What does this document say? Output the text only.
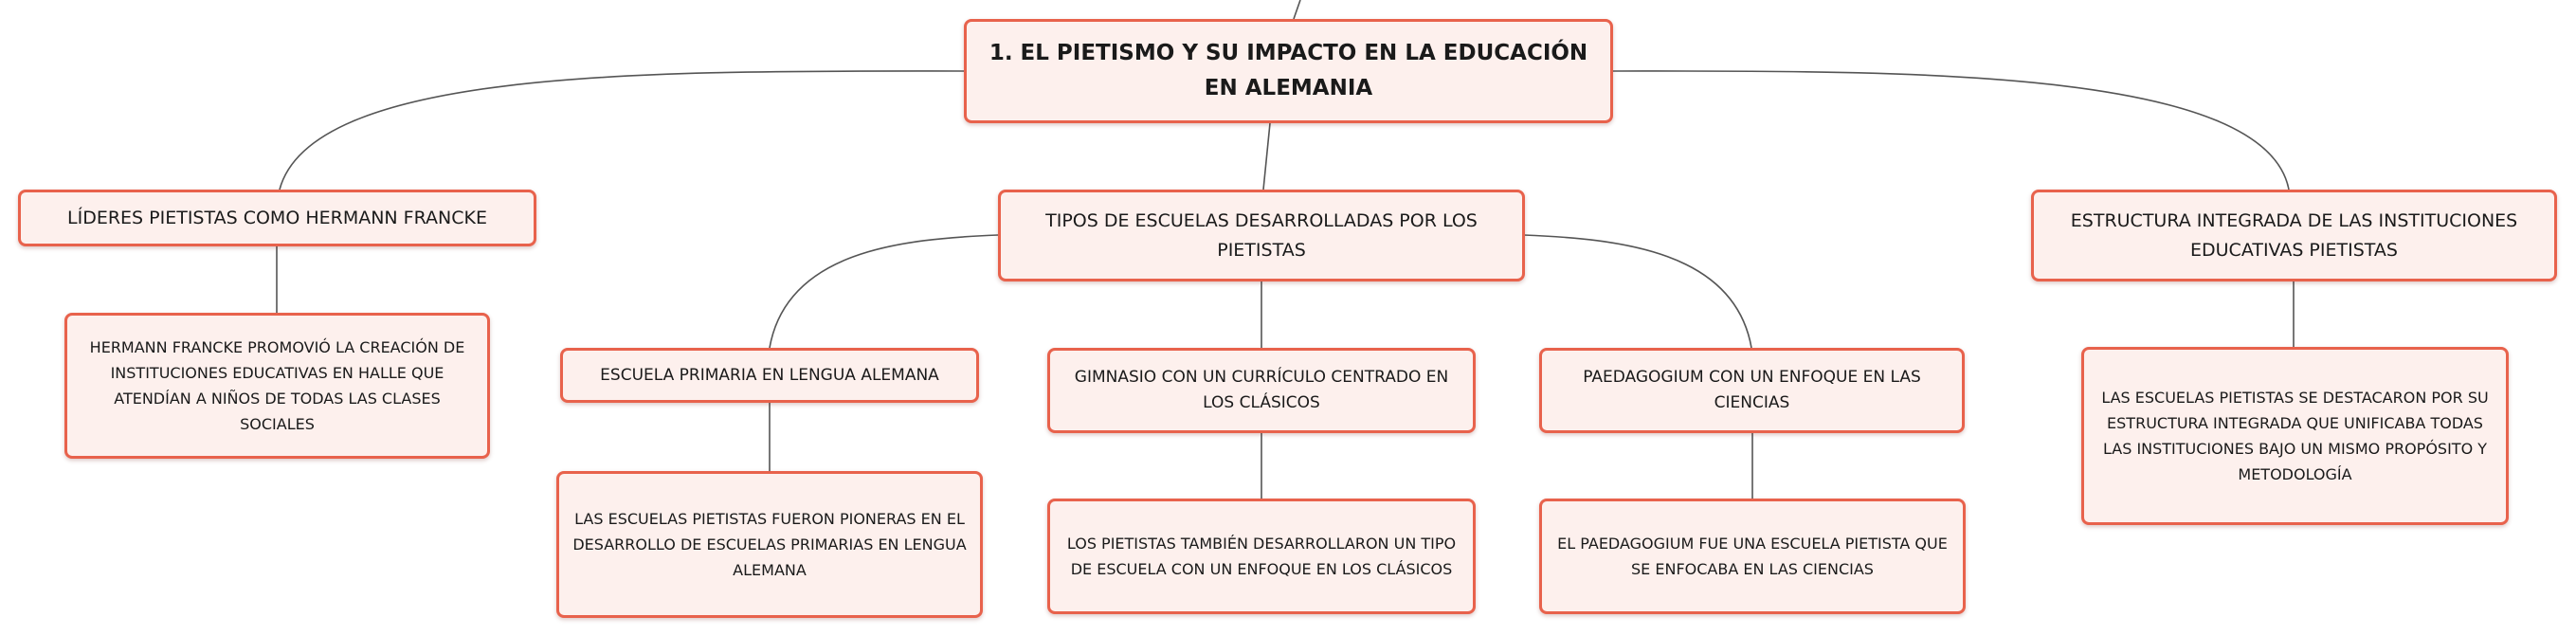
1. EL PIETISMO Y SU IMPACTO EN LA EDUCACIÓN EN ALEMANIA
LÍDERES PIETISTAS COMO HERMANN FRANCKE	TIPOS DE ESCUELAS DESARROLLADAS POR LOS PIETISTAS
ESTRUCTURA INTEGRADA DE LAS INSTITUCIONES EDUCATIVAS PIETISTAS
HERMANN FRANCKE PROMOVIÓ LA CREACIÓN DE INSTITUCIONES EDUCATIVAS EN HALLE QUE ATENDÍAN A NIÑOS DE TODAS LAS CLASES SOCIALES
ESCUELA PRIMARIA EN LENGUA ALEMANA	GIMNASIO CON UN CURRÍCULO CENTRADO EN LOS CLÁSICOS
PAEDAGOGIUM CON UN ENFOQUE EN LAS CIENCIAS
LAS ESCUELAS PIETISTAS FUERON PIONERAS EN EL DESARROLLO DE ESCUELAS PRIMARIAS EN LENGUA ALEMANA
LOS PIETISTAS TAMBIÉN DESARROLLARON UN TIPO DE ESCUELA CON UN ENFOQUE EN LOS CLÁSICOS
EL PAEDAGOGIUM FUE UNA ESCUELA PIETISTA QUE SE ENFOCABA EN LAS CIENCIAS
LAS ESCUELAS PIETISTAS SE DESTACARON POR SU ESTRUCTURA INTEGRADA QUE UNIFICABA TODAS LAS INSTITUCIONES BAJO UN MISMO PROPÓSITO Y METODOLOGÍA
